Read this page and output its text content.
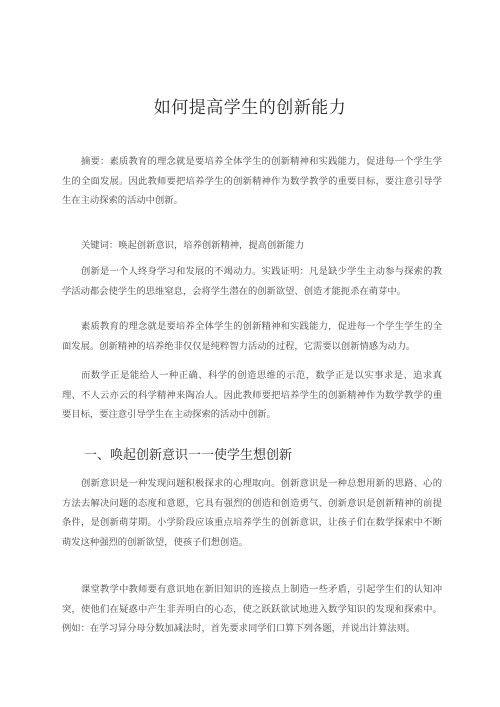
如何提高学生的创新能力
摘要：素质教育的理念就是要培养全体学生的创新精神和实践能力，促进每一个学生学生的全面发展。因此教师要把培养学生的创新精神作为数学教学的重要目标，要注意引导学生在主动探索的活动中创新。
关键词：唤起创新意识，培养创新精神，提高创新能力
创新是一个人终身学习和发展的不竭动力。实践证明：凡是缺少学生主动参与探索的教学活动都会使学生的思维窒息，会将学生潜在的创新欲望、创造才能扼杀在萌芽中。
素质教育的理念就是要培养全体学生的创新精神和实践能力，促进每一个学生学生的全面发展。创新精神的培养绝非仅仅是纯粹智力活动的过程，它需要以创新情感为动力。
而数学正是能给人一种正确、科学的创造思维的示范，数学正是以实事求是、追求真理、不人云亦云的科学精神来陶冶人。因此教师要把培养学生的创新精神作为数学教学的重要目标，要注意引导学生在主动探索的活动中创新。
一、唤起创新意识一一使学生想创新
创新意识是一种发现问题积极探求的心理取向。创新意识是一种总想用新的思路、心的方法去解决问题的态度和意愿，它具有强烈的创造和创造勇气、创新意识是创新精神的前提条件，是创新萌芽期。小学阶段应该重点培养学生的创新意识，让孩子们在数学探索中不断萌发这种强烈的创新欲望，使孩子们想创造。
课堂教学中教师要有意识地在新旧知识的连接点上制造一些矛盾，引起学生们的认知冲突，使他们在疑惑中产生非弄明白的心态，使之跃跃欲试地进入数学知识的发现和探索中。例如：在学习异分母分数加减法时，首先要求同学们口算下列各题，并说出计算法则。
